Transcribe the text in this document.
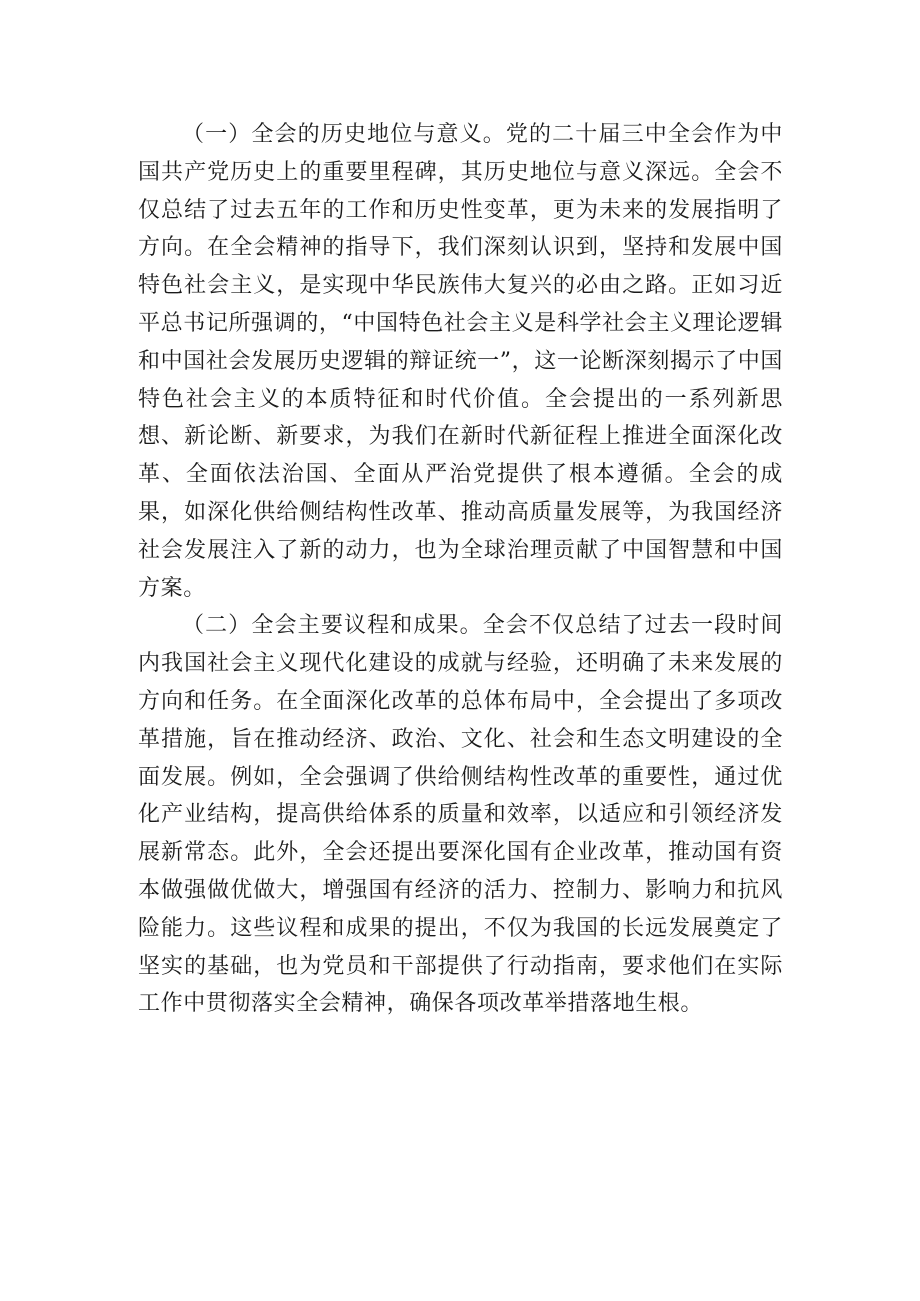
（一）全会的历史地位与意义。党的二十届三中全会作为中国共产党历史上的重要里程碑，其历史地位与意义深远。全会不仅总结了过去五年的工作和历史性变革，更为未来的发展指明了方向。在全会精神的指导下，我们深刻认识到，坚持和发展中国特色社会主义，是实现中华民族伟大复兴的必由之路。正如习近平总书记所强调的，“中国特色社会主义是科学社会主义理论逻辑和中国社会发展历史逻辑的辩证统一”，这一论断深刻揭示了中国特色社会主义的本质特征和时代价值。全会提出的一系列新思想、新论断、新要求，为我们在新时代新征程上推进全面深化改革、全面依法治国、全面从严治党提供了根本遵循。全会的成果，如深化供给侧结构性改革、推动高质量发展等，为我国经济社会发展注入了新的动力，也为全球治理贡献了中国智慧和中国方案。

（二）全会主要议程和成果。全会不仅总结了过去一段时间内我国社会主义现代化建设的成就与经验，还明确了未来发展的方向和任务。在全面深化改革的总体布局中，全会提出了多项改革措施，旨在推动经济、政治、文化、社会和生态文明建设的全面发展。例如，全会强调了供给侧结构性改革的重要性，通过优化产业结构，提高供给体系的质量和效率，以适应和引领经济发展新常态。此外，全会还提出要深化国有企业改革，推动国有资本做强做优做大，增强国有经济的活力、控制力、影响力和抗风险能力。这些议程和成果的提出，不仅为我国的长远发展奠定了坚实的基础，也为党员和干部提供了行动指南，要求他们在实际工作中贯彻落实全会精神，确保各项改革举措落地生根。
